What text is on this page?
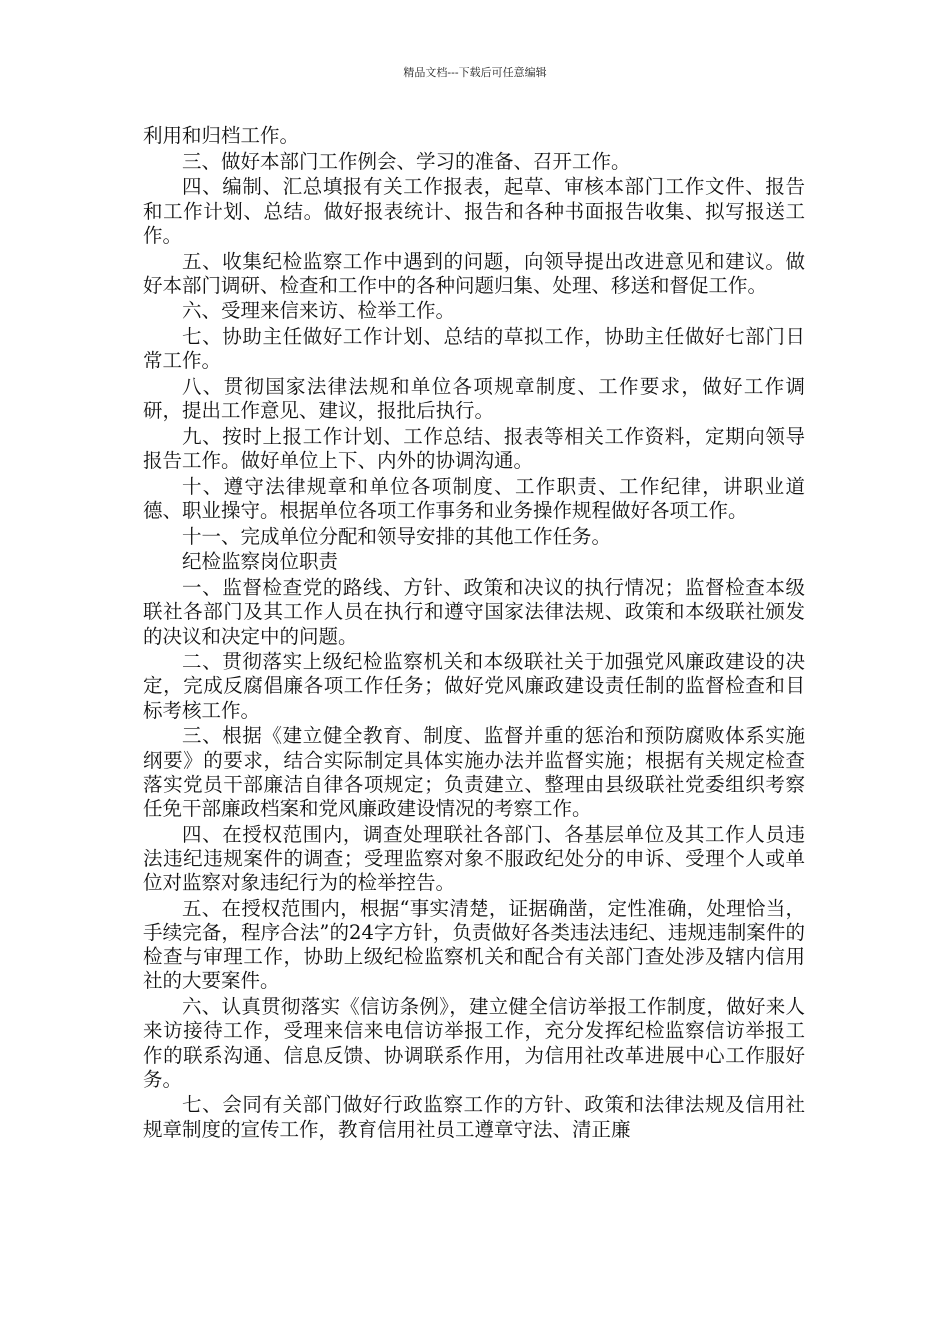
精品文档---下载后可任意编辑

利用和归档工作。

三、做好本部门工作例会、学习的准备、召开工作。

四、编制、汇总填报有关工作报表，起草、审核本部门工作文件、报告和工作计划、总结。做好报表统计、报告和各种书面报告收集、拟写报送工作。

五、收集纪检监察工作中遇到的问题，向领导提出改进意见和建议。做好本部门调研、检查和工作中的各种问题归集、处理、移送和督促工作。

六、受理来信来访、检举工作。

七、协助主任做好工作计划、总结的草拟工作，协助主任做好七部门日常工作。

八、贯彻国家法律法规和单位各项规章制度、工作要求，做好工作调研，提出工作意见、建议，报批后执行。

九、按时上报工作计划、工作总结、报表等相关工作资料，定期向领导报告工作。做好单位上下、内外的协调沟通。

十、遵守法律规章和单位各项制度、工作职责、工作纪律，讲职业道德、职业操守。根据单位各项工作事务和业务操作规程做好各项工作。

十一、完成单位分配和领导安排的其他工作任务。

纪检监察岗位职责

一、监督检查党的路线、方针、政策和决议的执行情况；监督检查本级联社各部门及其工作人员在执行和遵守国家法律法规、政策和本级联社颁发的决议和决定中的问题。

二、贯彻落实上级纪检监察机关和本级联社关于加强党风廉政建设的决定，完成反腐倡廉各项工作任务；做好党风廉政建设责任制的监督检查和目标考核工作。

三、根据《建立健全教育、制度、监督并重的惩治和预防腐败体系实施纲要》的要求，结合实际制定具体实施办法并监督实施；根据有关规定检查落实党员干部廉洁自律各项规定；负责建立、整理由县级联社党委组织考察任免干部廉政档案和党风廉政建设情况的考察工作。

四、在授权范围内，调查处理联社各部门、各基层单位及其工作人员违法违纪违规案件的调查；受理监察对象不服政纪处分的申诉、受理个人或单位对监察对象违纪行为的检举控告。

五、在授权范围内，根据“事实清楚，证据确凿，定性准确，处理恰当，手续完备，程序合法”的24字方针，负责做好各类违法违纪、违规违制案件的检查与审理工作，协助上级纪检监察机关和配合有关部门查处涉及辖内信用社的大要案件。

六、认真贯彻落实《信访条例》，建立健全信访举报工作制度，做好来人来访接待工作，受理来信来电信访举报工作，充分发挥纪检监察信访举报工作的联系沟通、信息反馈、协调联系作用，为信用社改革进展中心工作服好务。

七、会同有关部门做好行政监察工作的方针、政策和法律法规及信用社规章制度的宣传工作，教育信用社员工遵章守法、清正廉
